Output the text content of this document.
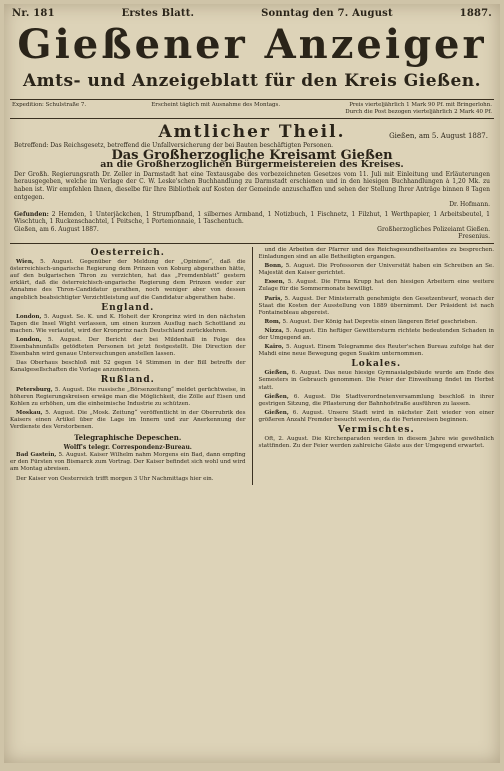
Nr. 181	Erstes Blatt.	Sonntag den 7. August	1887.
Gießener Anzeiger
Amts- und Anzeigeblatt für den Kreis Gießen.
Expedition: Schulstraße 7.	Erscheint täglich mit Ausnahme des Montags.	Preis vierteljährlich 1 Mark 90 Pf. mit Bringerlohn.
Durch die Post bezogen vierteljährlich 2 Mark 40 Pf.
Amtlicher Theil.	Gießen, am 5. August 1887.
Betreffend: Das Reichsgesetz, betreffend die Unfallversicherung der bei Bauten beschäftigten Personen.
Das Großherzogliche Kreisamt Gießen
an die Großherzoglichen Bürgermeistereien des Kreises.
Der Großh. Regierungsrath Dr. Zeller in Darmstadt hat eine Textausgabe des vorbezeichneten Gesetzes vom 11. Juli mit Einleitung und Erläuterungen herausgegeben, welche im Verlage der C. W. Leske'schen Buchhandlung zu Darmstadt erschienen und in den hiesigen Buchhandlungen à 1,20 Mk. zu haben ist. Wir empfehlen Ihnen, dieselbe für Ihre Bibliothek auf Kosten der Gemeinde anzuschaffen und sehen der Stellung Ihrer Anträge binnen 8 Tagen entgegen.
Dr. Hofmann.
Gefunden: 2 Hemden, 1 Unterjäckchen, 1 Strumpfband, 1 silbernes Armband, 1 Notizbuch, 1 Fischnetz, 1 Filzhut, 1 Werthpapier, 1 Arbeitsbeutel, 1 Wischtuch, 1 Ruckenschachtel, 1 Peitsche, 1 Portemonnaie, 1 Taschentuch.
Gießen, am 6. August 1887.	Großherzogliches Polizeiamt Gießen.
Fresenius.
Oesterreich.

Wien, 5. August. Gegenüber der Meldung der „Opinione“, daß die österreichisch-ungarische Regierung dem Prinzen von Koburg abgerathen hätte, auf den bulgarischen Thron zu verzichten, hat das „Fremdenblatt“ gestern erklärt, daß die österreichisch-ungarische Regierung dem Prinzen weder zur Annahme des Thron-Candidatur gerathen, noch weniger aber von dessen angeblich beabsichtigter Verzichtleistung auf die Candidatur abgerathen habe.

England.

London, 5. August. Se. K. und K. Hoheit der Kronprinz wird in den nächsten Tagen die Insel Wight verlassen, um einen kurzen Ausflug nach Schottland zu machen. Wie verlautet, wird der Kronprinz nach Deutschland zurückkehren.

London, 5. August. Der Bericht der bei Mildenhall in Folge des Eisenbahnunfalls getödteten Personen ist jetzt festgestellt. Die Direction der Eisenbahn wird genaue Untersuchungen anstellen lassen.

Das Oberhaus beschloß mit 52 gegen 14 Stimmen in der Bill betreffs der Kanalgesellschaften die Vorlage anzunehmen.

Rußland.

Petersburg, 5. August. Die russische „Börsenzeitung“ meldet gerüchtweise, in höheren Regierungskreisen erwäge man die Möglichkeit, die Zölle auf Eisen und Kohlen zu erhöhen, um die einheimische Industrie zu schützen.

Moskau, 5. August. Die „Mosk. Zeitung“ veröffentlicht in der Oberrubrik des Kaisers einen Artikel über die Lage im Innern und zur Anerkennung der Verdienste des Verstorbenen.

Telegraphische Depeschen.
Wolff's telegr. Correspondenz-Bureau.

Bad Gastein, 5. August. Kaiser Wilhelm nahm Morgens ein Bad, dann empfing er den Fürsten von Bismarck zum Vortrag. Der Kaiser befindet sich wohl und wird am Montag abreisen.

Der Kaiser von Oesterreich trifft morgen 3 Uhr Nachmittags hier ein.

und die Arbeiten der Pfarrer und des Reichsgesundheitsamtes zu besprechen. Einladungen sind an alle Betheiligten ergangen.

Bonn, 5. August. Die Professoren der Universität haben ein Schreiben an Se. Majestät den Kaiser gerichtet.

Essen, 5. August. Die Firma Krupp hat den hiesigen Arbeitern eine weitere Zulage für die Sommermonate bewilligt.

Paris, 5. August. Der Ministerrath genehmigte den Gesetzentwurf, wonach der Staat die Kosten der Ausstellung von 1889 übernimmt. Der Präsident ist nach Fontainebleau abgereist.

Rom, 5. August. Der König hat Depretis einen längeren Brief geschrieben.

Nizza, 5. August. Ein heftiger Gewittersturm richtete bedeutenden Schaden in der Umgegend an.

Kairo, 5. August. Einem Telegramme des Reuter'schen Bureau zufolge hat der Mahdi eine neue Bewegung gegen Suakim unternommen.

Lokales.

Gießen, 6. August. Das neue hiesige Gymnasialgebäude wurde am Ende des Semesters in Gebrauch genommen. Die Feier der Einweihung findet im Herbst statt.

Gießen, 6. August. Die Stadtverordnetenversammlung beschloß in ihrer gestrigen Sitzung, die Pflasterung der Bahnhofstraße ausführen zu lassen.

Gießen, 6. August. Unsere Stadt wird in nächster Zeit wieder von einer größeren Anzahl Fremder besucht werden, da die Ferienreisen beginnen.

Vermischtes.

Oft, 2. August. Die Kirchenparaden werden in diesem Jahre wie gewöhnlich stattfinden. Zu der Feier werden zahlreiche Gäste aus der Umgegend erwartet.
